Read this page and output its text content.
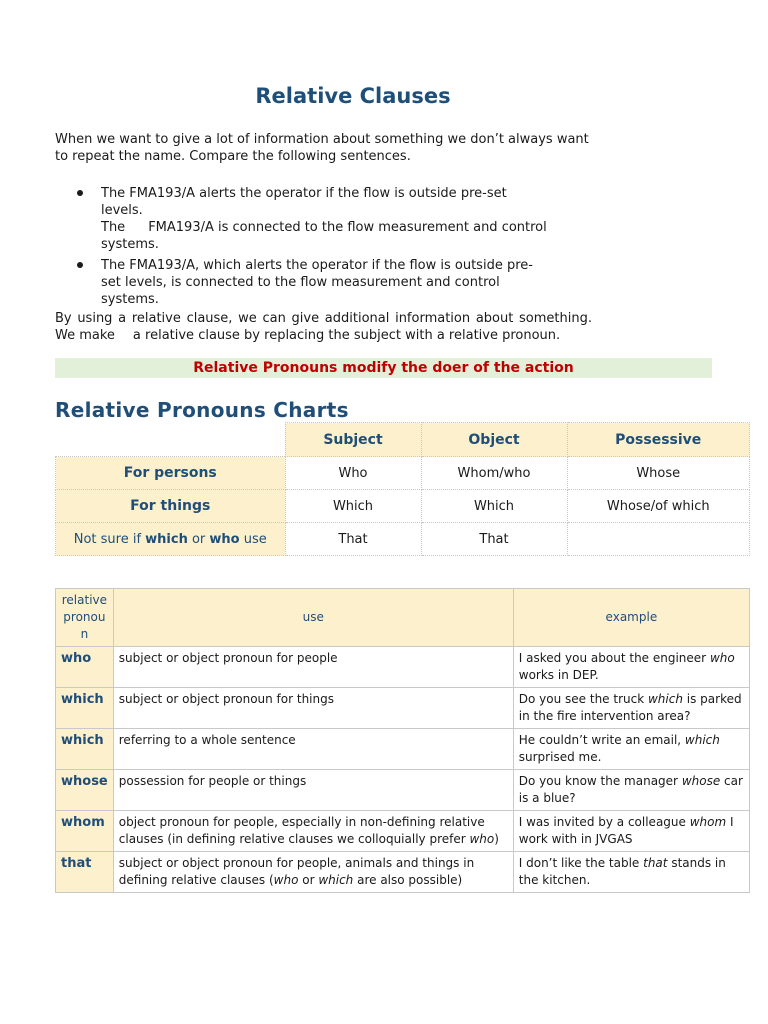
Relative Clauses
When we want to give a lot of information about something we don’t always want to repeat the name. Compare the following sentences.
The FMA193/A alerts the operator if the flow is outside pre-set levels.
The FMA193/A is connected to the flow measurement and control systems.
The FMA193/A, which alerts the operator if the flow is outside pre-set levels, is connected to the flow measurement and control systems.
By using a relative clause, we can give additional information about something. We make a relative clause by replacing the subject with a relative pronoun.
Relative Pronouns modify the doer of the action
Relative Pronouns Charts
	Subject	Object	Possessive
For persons	Who	Whom/who	Whose
For things	Which	Which	Whose/of which
Not sure if which or who use	That	That	
relative
pronou
n	use	example
who	subject or object pronoun for people	I asked you about the engineer who works in DEP.
which	subject or object pronoun for things	Do you see the truck which is parked in the fire intervention area?
which	referring to a whole sentence	He couldn’t write an email, which surprised me.
whose	possession for people or things	Do you know the manager whose car is a blue?
whom	object pronoun for people, especially in non-defining relative clauses (in defining relative clauses we colloquially prefer who)	I was invited by a colleague whom I work with in JVGAS
that	subject or object pronoun for people, animals and things in defining relative clauses (who or which are also possible)	I don’t like the table that stands in the kitchen.
